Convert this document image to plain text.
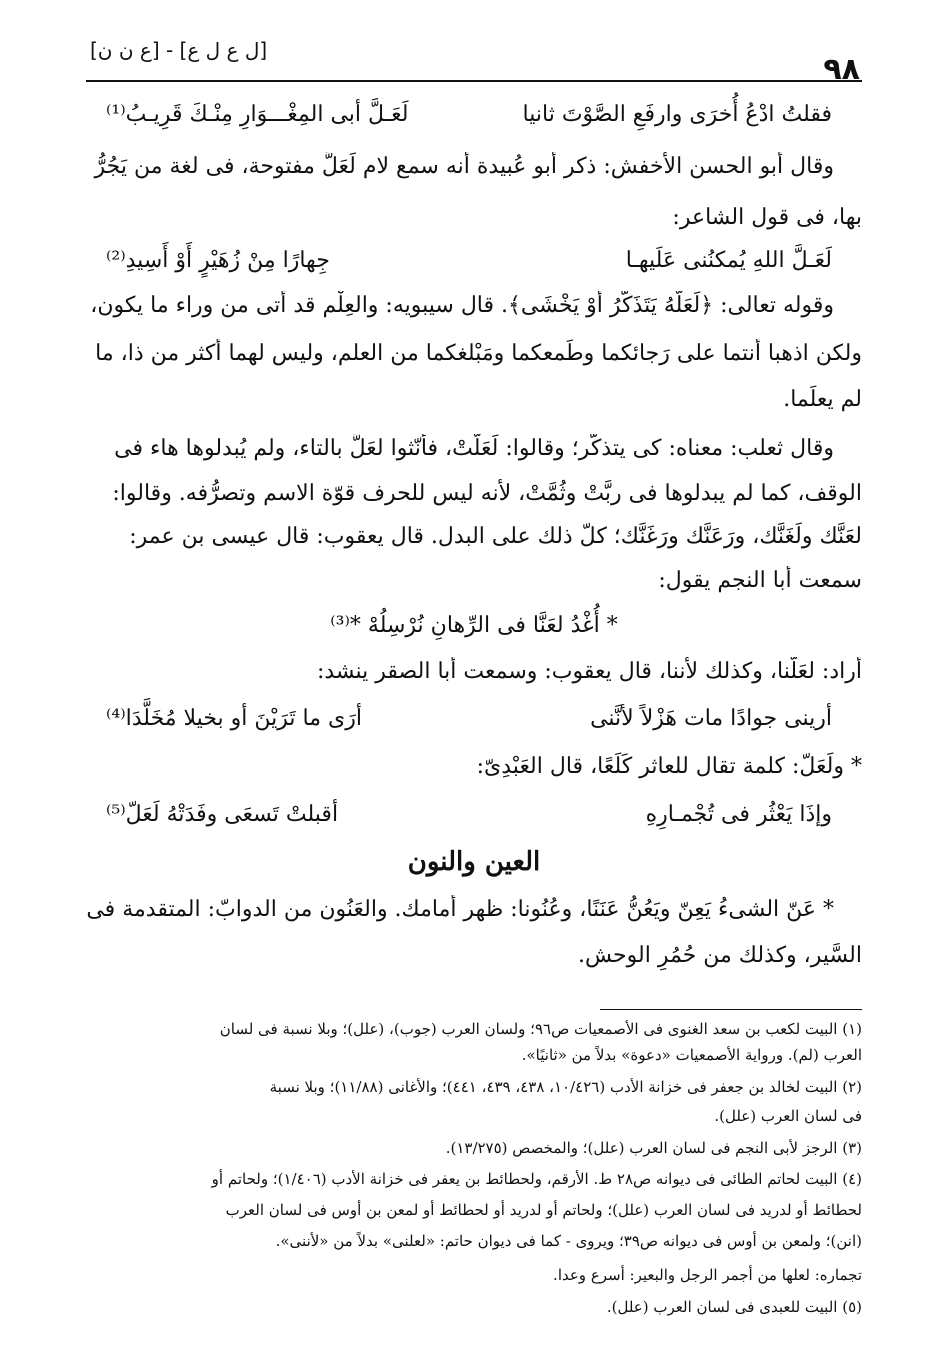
[ل ع ل ع] - [ع ن ن]
٩٨
فقلتُ ادْعُ أُخرَى وارفَعِ الصَّوْتَ ثانيا
لَعَـلَّ أبى المِغْـــوَارِ مِنْـكَ قَرِيـبُ⁽¹⁾
وقال أبو الحسن الأخفش: ذكر أبو عُبيدة أنه سمع لام لَعَلَّ مفتوحة، فى لغة من يَجُرُّ
بها، فى قول الشاعر:
لَعَـلَّ اللهِ يُمكنُنى عَلَيهـا
جِهارًا مِنْ زُهَيْرٍ أَوْ أَسِيدِ⁽²⁾
وقوله تعالى: ﴿لَعَلَّهُ يَتَذَكَّرُ أَوْ يَخْشَى﴾. قال سيبويه: والعِلْم قد أتى من وراء ما يكون،
ولكن اذهبا أنتما على رَجائكما وطَمعكما ومَبْلغكما من العلم، وليس لهما أكثر من ذا، ما
لم يعلَما.
وقال ثعلب: معناه: كى يتذكّر؛ وقالوا: لَعَلَّتْ، فأنّثوا لعَلَّ بالتاء، ولم يُبدلوها هاء فى
الوقف، كما لم يبدلوها فى ربَّتْ وثُمَّتْ، لأنه ليس للحرف قوّة الاسم وتصرُّفه. وقالوا:
لعَنَّك ولَغَنَّك، ورَعَنَّك ورَغَنَّك؛ كلّ ذلك على البدل. قال يعقوب: قال عيسى بن عمر:
سمعت أبا النجم يقول:
* أُغْدُ لعَنَّا فى الرِّهانِ نُرْسِلُهْ *⁽³⁾
أراد: لعَلَّنا، وكذلك لأننا، قال يعقوب: وسمعت أبا الصقر ينشد:
أرينى جوادًا مات هَزْلاً لأنَّنى
أرَى ما تَرَيْنَ أو بخيلا مُخَلَّدَا⁽⁴⁾
* ولَعَلّ: كلمة تقال للعاثر كَلَعًا، قال العَبْدِىّ:
وإذَا يَعْثُر فى تُجْمـارِهِ
أقبلتْ تَسعَى وفَدَتْهُ لَعَلّ⁽⁵⁾
العين والنون
* عَنّ الشىءُ يَعِنّ ويَعُنُّ عَنَنًا، وعُنُونا: ظهر أمامك. والعَنُون من الدوابّ: المتقدمة فى
السَّير، وكذلك من حُمُرِ الوحش.
(١) البيت لكعب بن سعد الغنوى فى الأصمعيات ص٩٦؛ ولسان العرب (جوب)، (علل)؛ وبلا نسبة فى لسان
العرب (لم). ورواية الأصمعيات «دعوة» بدلاً من «ثانيًا».
(٢) البيت لخالد بن جعفر فى خزانة الأدب (١٠/٤٢٦، ٤٣٨، ٤٣٩، ٤٤١)؛ والأغانى (١١/٨٨)؛ وبلا نسبة
فى لسان العرب (علل).
(٣) الرجز لأبى النجم فى لسان العرب (علل)؛ والمخصص (١٣/٢٧٥).
(٤) البيت لحاتم الطائى فى ديوانه ص٢٨ ط. الأرقم، ولحطائط بن يعفر فى خزانة الأدب (١/٤٠٦)؛ ولحاتم أو
لحطائط أو لدريد فى لسان العرب (علل)؛ ولحاتم أو لدريد أو لحطائط أو لمعن بن أوس فى لسان العرب
(انن)؛ ولمعن بن أوس فى ديوانه ص٣٩؛ ويروى - كما فى ديوان حاتم: «لعلنى» بدلاً من «لأننى».
تجماره: لعلها من أجمر الرجل والبعير: أسرع وعدا.
(٥) البيت للعبدى فى لسان العرب (علل).
